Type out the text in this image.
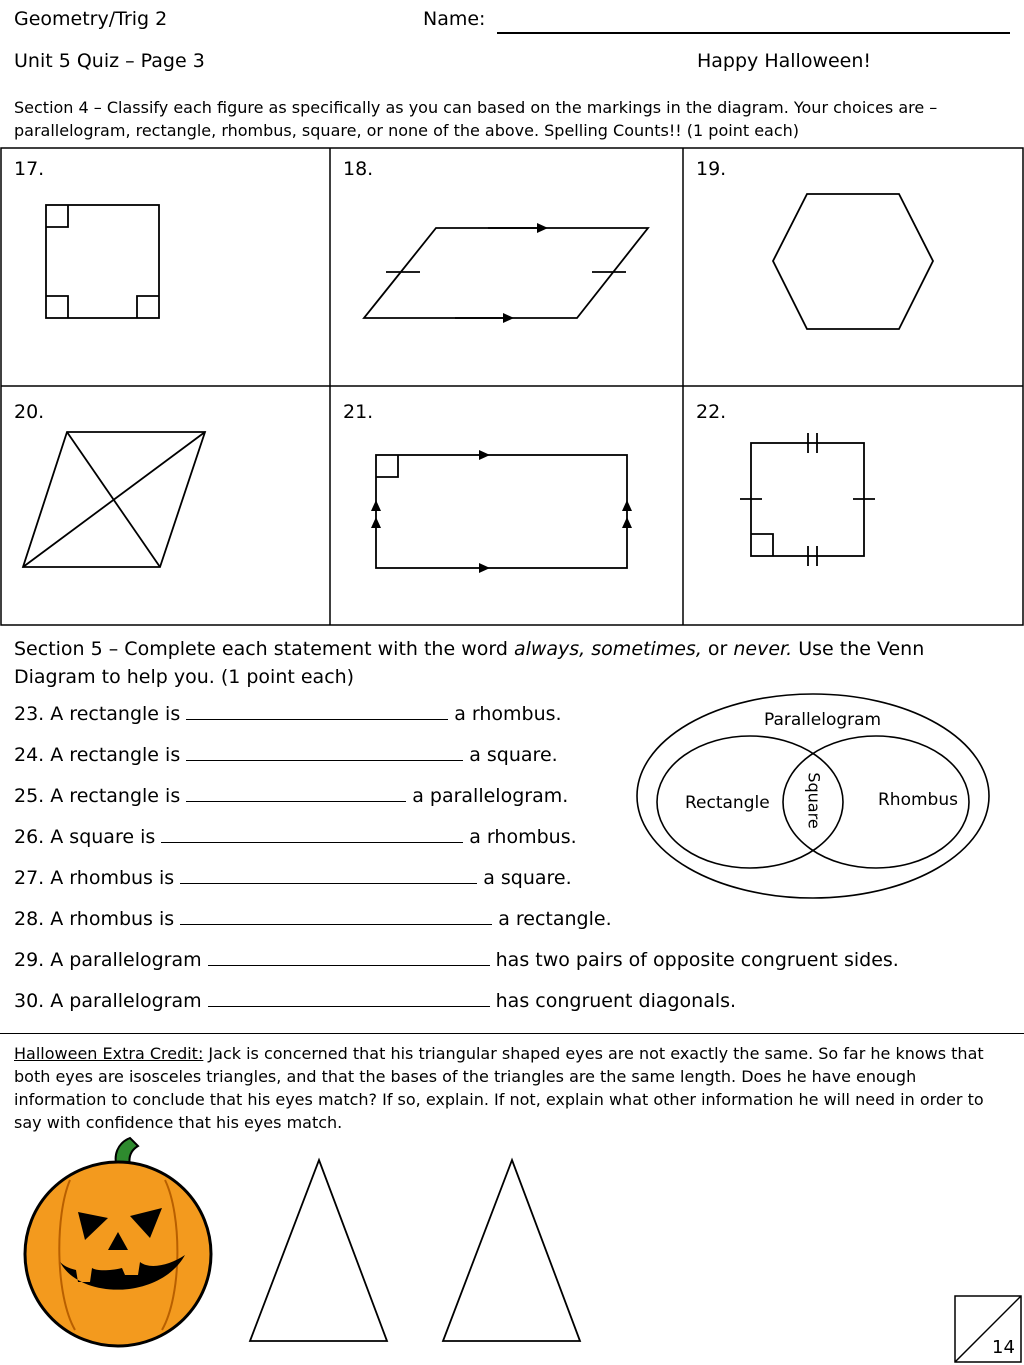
Geometry/Trig 2	Name:
Unit 5 Quiz – Page 3	Happy Halloween!
Section 4 – Classify each figure as specifically as you can based on the markings in the diagram. Your choices are – parallelogram, rectangle, rhombus, square, or none of the above. Spelling Counts!! (1 point each)
17.	18.	19.
20.	21.	22.
Section 5 – Complete each statement with the word always, sometimes, or never. Use the Venn Diagram to help you. (1 point each)
23. A rectangle is	a rhombus.
24. A rectangle is	a square.
25. A rectangle is	a parallelogram.
26. A square is	a rhombus.
27. A rhombus is	a square.
28. A rhombus is	a rectangle.
29. A parallelogram	has two pairs of opposite congruent sides.
30. A parallelogram	has congruent diagonals.
Parallelogram
Rectangle	Rhombus
Square
Halloween Extra Credit: Jack is concerned that his triangular shaped eyes are not exactly the same. So far he knows that both eyes are isosceles triangles, and that the bases of the triangles are the same length. Does he have enough information to conclude that his eyes match? If so, explain. If not, explain what other information he will need in order to say with confidence that his eyes match.
14
